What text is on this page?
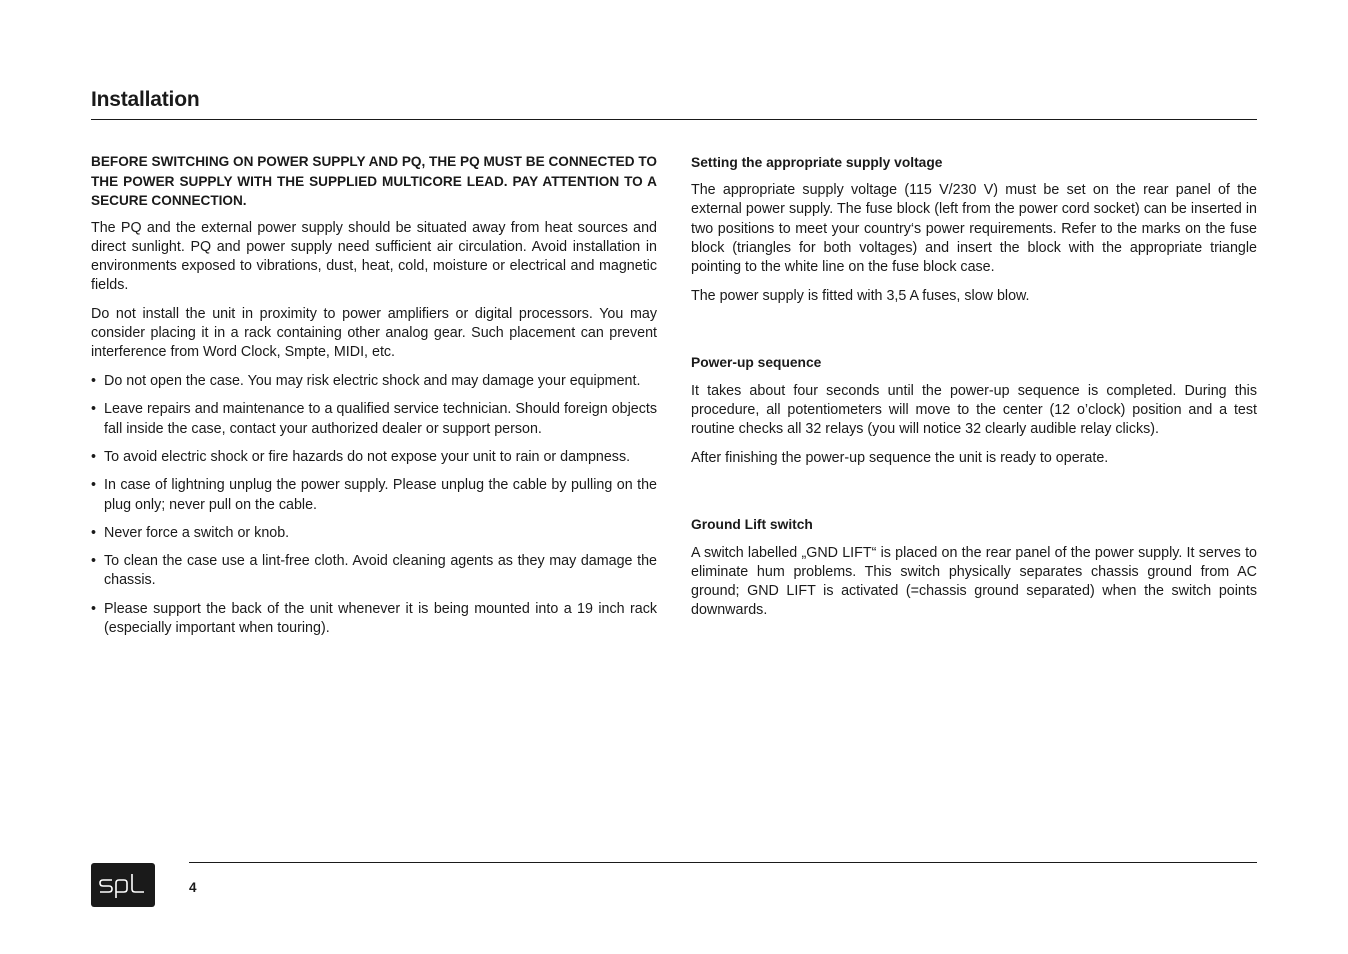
Installation

BEFORE SWITCHING ON POWER SUPPLY AND PQ, THE PQ MUST BE CONNECTED TO THE POWER SUPPLY WITH THE SUPPLIED MULTICORE LEAD. PAY ATTENTION TO A SECURE CONNECTION.

The PQ and the external power supply should be situated away from heat sources and direct sunlight. PQ and power supply need sufficient air circulation. Avoid installation in environments exposed to vibrations, dust, heat, cold, moisture or electrical and magnetic fields.

Do not install the unit in proximity to power amplifiers or digital processors. You may consider placing it in a rack containing other analog gear. Such placement can prevent interference from Word Clock, Smpte, MIDI, etc.

• Do not open the case. You may risk electric shock and may damage your equipment.
• Leave repairs and maintenance to a qualified service technician. Should foreign objects fall inside the case, contact your authorized dealer or support person.
• To avoid electric shock or fire hazards do not expose your unit to rain or dampness.
• In case of lightning unplug the power supply. Please unplug the cable by pulling on the plug only; never pull on the cable.
• Never force a switch or knob.
• To clean the case use a lint-free cloth. Avoid cleaning agents as they may damage the chassis.
• Please support the back of the unit whenever it is being mounted into a 19 inch rack (especially important when touring).
Setting the appropriate supply voltage

The appropriate supply voltage (115 V/230 V) must be set on the rear panel of the external power supply. The fuse block (left from the power cord socket) can be inserted in two positions to meet your country‘s power requirements. Refer to the marks on the fuse block (triangles for both voltages) and insert the block with the appropriate triangle pointing to the white line on the fuse block case.

The power supply is fitted with 3,5 A fuses, slow blow.

Power-up sequence

It takes about four seconds until the power-up sequence is completed. During this procedure, all potentiometers will move to the center (12 o’clock) position and a test routine checks all 32 relays (you will notice 32 clearly audible relay clicks).

After finishing the power-up sequence the unit is ready to operate.

Ground Lift switch

A switch labelled „GND LIFT“ is placed on the rear panel of the power supply. It serves to eliminate hum problems. This switch physically separates chassis ground from AC ground; GND LIFT is activated (=chassis ground separated) when the switch points downwards.

4
